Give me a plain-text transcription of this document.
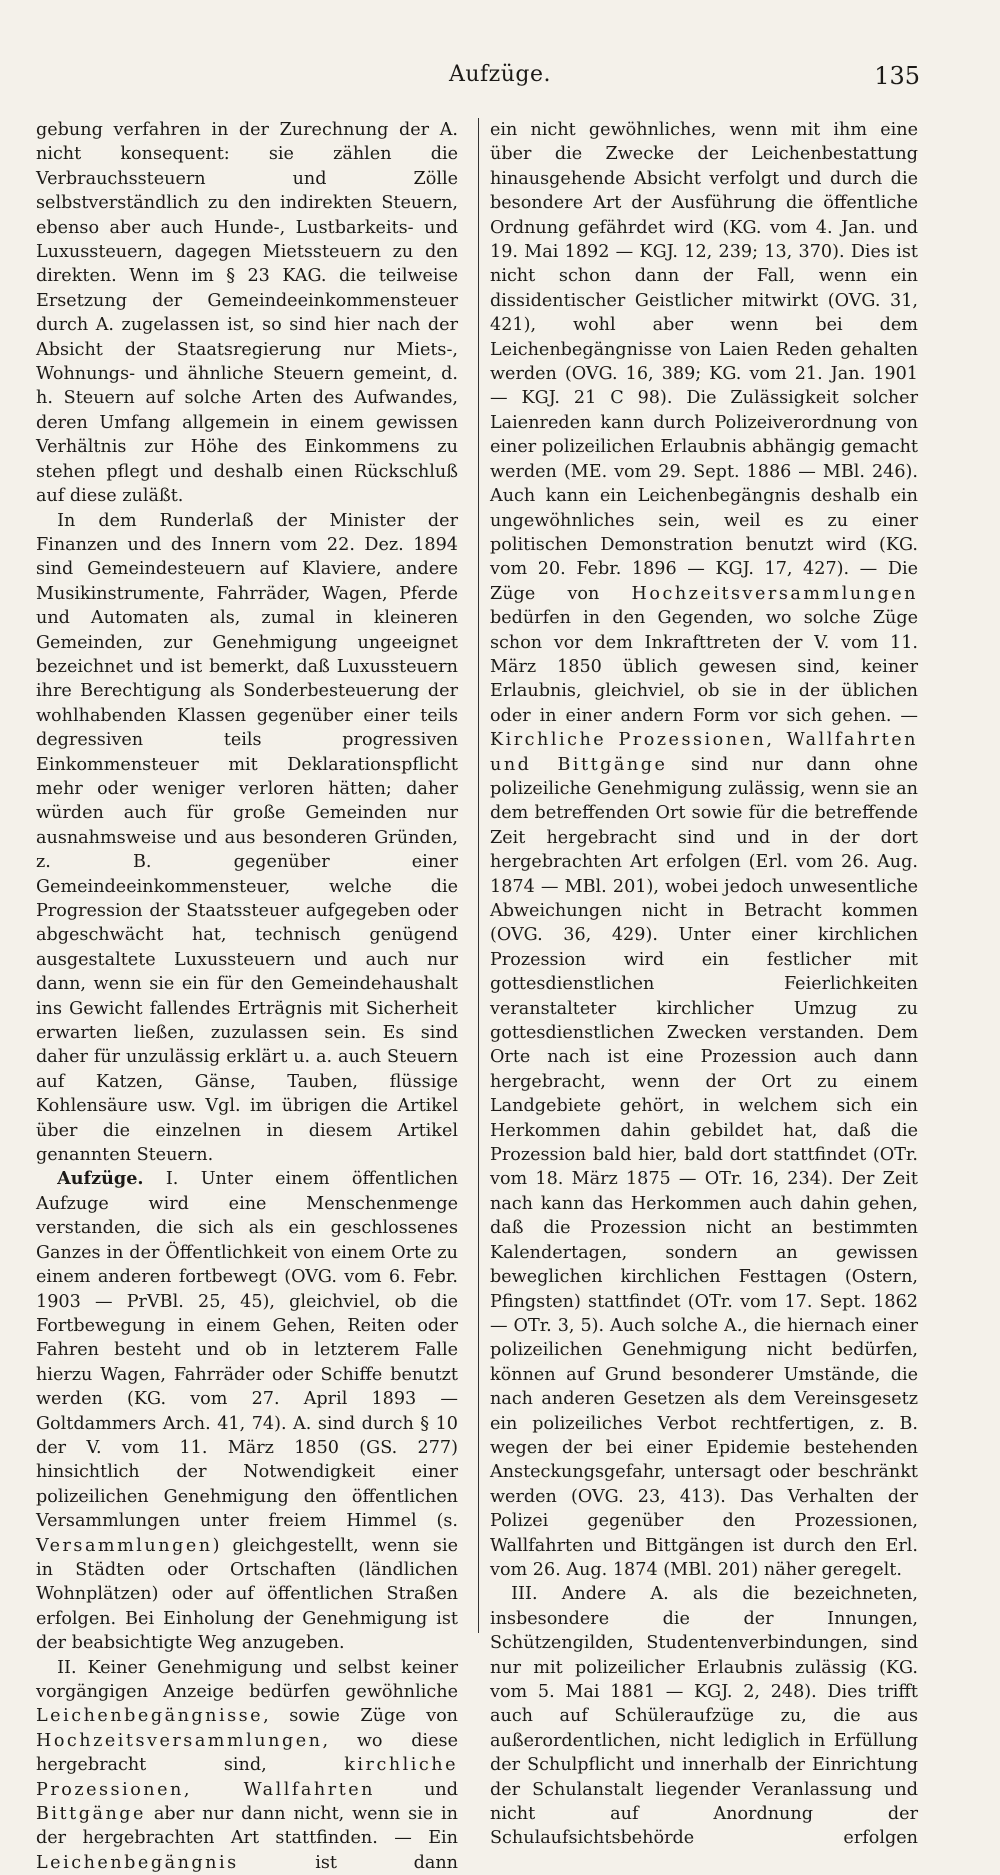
Aufzüge.	135

gebung verfahren in der Zurechnung der A. nicht konsequent: sie zählen die Verbrauchssteuern und Zölle selbstverständlich zu den indirekten Steuern, ebenso aber auch Hunde-, Lustbarkeits- und Luxussteuern, dagegen Mietssteuern zu den direkten. Wenn im § 23 KAG. die teilweise Ersetzung der Gemeindeeinkommensteuer durch A. zugelassen ist, so sind hier nach der Absicht der Staatsregierung nur Miets-, Wohnungs- und ähnliche Steuern gemeint, d. h. Steuern auf solche Arten des Aufwandes, deren Umfang allgemein in einem gewissen Verhältnis zur Höhe des Einkommens zu stehen pflegt und deshalb einen Rückschluß auf diese zuläßt.

In dem Runderlaß der Minister der Finanzen und des Innern vom 22. Dez. 1894 sind Gemeindesteuern auf Klaviere, andere Musikinstrumente, Fahrräder, Wagen, Pferde und Automaten als, zumal in kleineren Gemeinden, zur Genehmigung ungeeignet bezeichnet und ist bemerkt, daß Luxussteuern ihre Berechtigung als Sonderbesteuerung der wohlhabenden Klassen gegenüber einer teils degressiven teils progressiven Einkommensteuer mit Deklarationspflicht mehr oder weniger verloren hätten; daher würden auch für große Gemeinden nur ausnahmsweise und aus besonderen Gründen, z. B. gegenüber einer Gemeindeeinkommensteuer, welche die Progression der Staatssteuer aufgegeben oder abgeschwächt hat, technisch genügend ausgestaltete Luxussteuern und auch nur dann, wenn sie ein für den Gemeindehaushalt ins Gewicht fallendes Erträgnis mit Sicherheit erwarten ließen, zuzulassen sein. Es sind daher für unzulässig erklärt u. a. auch Steuern auf Katzen, Gänse, Tauben, flüssige Kohlensäure usw. Vgl. im übrigen die Artikel über die einzelnen in diesem Artikel genannten Steuern.

Aufzüge. I. Unter einem öffentlichen Aufzuge wird eine Menschenmenge verstanden, die sich als ein geschlossenes Ganzes in der Öffentlichkeit von einem Orte zu einem anderen fortbewegt (OVG. vom 6. Febr. 1903 — PrVBl. 25, 45), gleichviel, ob die Fortbewegung in einem Gehen, Reiten oder Fahren besteht und ob in letzterem Falle hierzu Wagen, Fahrräder oder Schiffe benutzt werden (KG. vom 27. April 1893 — Goltdammers Arch. 41, 74). A. sind durch § 10 der V. vom 11. März 1850 (GS. 277) hinsichtlich der Notwendigkeit einer polizeilichen Genehmigung den öffentlichen Versammlungen unter freiem Himmel (s. Versammlungen) gleichgestellt, wenn sie in Städten oder Ortschaften (ländlichen Wohnplätzen) oder auf öffentlichen Straßen erfolgen. Bei Einholung der Genehmigung ist der beabsichtigte Weg anzugeben.

II. Keiner Genehmigung und selbst keiner vorgängigen Anzeige bedürfen gewöhnliche Leichenbegängnisse, sowie Züge von Hochzeitsversammlungen, wo diese hergebracht sind,	kirchliche Prozessionen, Wallfahrten	und Bittgänge aber nur dann nicht, wenn sie in der hergebrachten Art stattfinden. — Ein Leichenbegängnis	ist dann

ein nicht gewöhnliches, wenn mit ihm eine über die Zwecke der Leichenbestattung hinausgehende Absicht verfolgt und durch die besondere Art der Ausführung die öffentliche Ordnung gefährdet wird (KG. vom 4. Jan. und 19. Mai 1892 — KGJ. 12, 239; 13, 370). Dies ist nicht schon dann der Fall, wenn ein dissidentischer Geistlicher mitwirkt (OVG. 31, 421), wohl aber wenn bei dem Leichenbegängnisse von Laien Reden gehalten werden (OVG. 16, 389; KG. vom 21. Jan. 1901 — KGJ. 21 C 98). Die Zulässigkeit solcher Laienreden kann durch Polizeiverordnung von einer polizeilichen Erlaubnis abhängig gemacht werden (ME. vom 29. Sept. 1886 — MBl. 246). Auch kann ein Leichenbegängnis deshalb ein ungewöhnliches sein, weil es zu einer politischen Demonstration benutzt wird (KG. vom 20. Febr. 1896 — KGJ. 17, 427). — Die Züge von Hochzeitsversammlungen bedürfen in den Gegenden, wo solche Züge schon vor dem Inkrafttreten der V. vom 11. März 1850 üblich gewesen sind, keiner Erlaubnis, gleichviel, ob sie in der üblichen oder in einer andern Form vor sich gehen. — Kirchliche Prozessionen, Wallfahrten und Bittgänge sind nur dann ohne polizeiliche Genehmigung zulässig, wenn sie an dem betreffenden Ort sowie für die betreffende Zeit hergebracht sind und in der dort hergebrachten Art erfolgen (Erl. vom 26. Aug. 1874 — MBl. 201), wobei jedoch unwesentliche Abweichungen nicht in Betracht kommen (OVG. 36, 429). Unter einer kirchlichen Prozession wird ein festlicher mit gottesdienstlichen Feierlichkeiten veranstalteter kirchlicher Umzug zu gottesdienstlichen Zwecken verstanden. Dem Orte nach ist eine Prozession auch dann hergebracht, wenn der Ort zu einem Landgebiete gehört, in welchem sich ein Herkommen dahin gebildet hat, daß die Prozession bald hier, bald dort stattfindet (OTr. vom 18. März 1875 — OTr. 16, 234). Der Zeit nach kann das Herkommen auch dahin gehen, daß die Prozession nicht an bestimmten Kalendertagen, sondern an gewissen beweglichen kirchlichen Festtagen (Ostern, Pfingsten) stattfindet (OTr. vom 17. Sept. 1862 — OTr. 3, 5). Auch solche A., die hiernach einer polizeilichen Genehmigung nicht bedürfen, können auf Grund besonderer Umstände, die nach anderen Gesetzen als dem Vereinsgesetz ein polizeiliches Verbot rechtfertigen, z. B. wegen der bei einer Epidemie bestehenden Ansteckungsgefahr, untersagt oder beschränkt werden (OVG. 23, 413). Das Verhalten der Polizei gegenüber den Prozessionen, Wallfahrten und Bittgängen ist durch den Erl. vom 26. Aug. 1874 (MBl. 201) näher geregelt.

III. Andere A. als die bezeichneten, insbesondere die der Innungen, Schützengilden, Studentenverbindungen, sind nur mit polizeilicher Erlaubnis zulässig (KG. vom 5. Mai 1881 — KGJ. 2, 248). Dies trifft auch auf Schüleraufzüge zu, die aus außerordentlichen, nicht lediglich in Erfüllung der Schulpflicht und innerhalb der Einrichtung der Schulanstalt liegender Veranlassung und nicht auf Anordnung der Schulaufsichtsbehörde erfolgen
